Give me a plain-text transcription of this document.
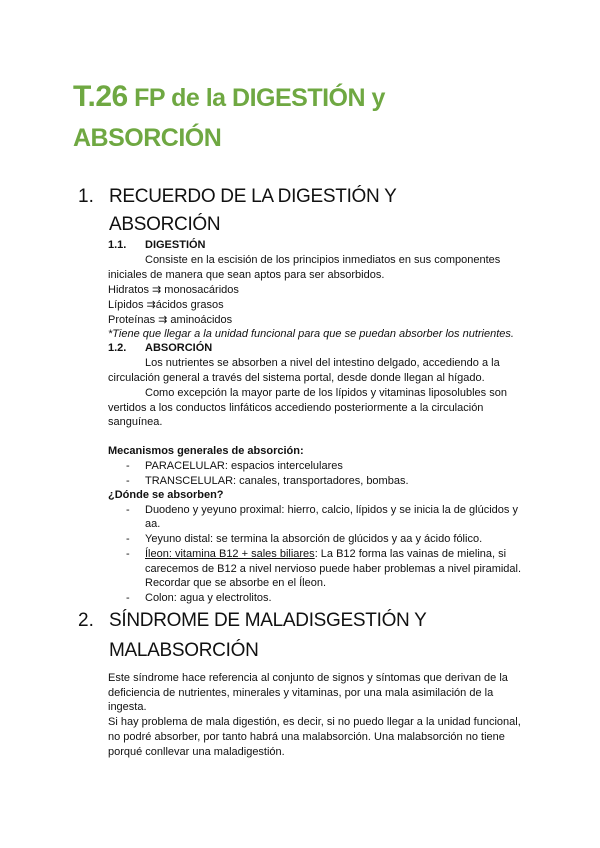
T.26 FP de la DIGESTIÓN y
ABSORCIÓN
1. RECUERDO DE LA DIGESTIÓN Y
ABSORCIÓN
1.1. DIGESTIÓN
Consiste en la escisión de los principios inmediatos en sus componentes
iniciales de manera que sean aptos para ser absorbidos.
Hidratos ⇉ monosacáridos
Lípidos ⇉ácidos grasos
Proteínas ⇉ aminoácidos
*Tiene que llegar a la unidad funcional para que se puedan absorber los nutrientes.
1.2. ABSORCIÓN
Los nutrientes se absorben a nivel del intestino delgado, accediendo a la
circulación general a través del sistema portal, desde donde llegan al hígado.
Como excepción la mayor parte de los lípidos y vitaminas liposolubles son
vertidos a los conductos linfáticos accediendo posteriormente a la circulación
sanguínea.
Mecanismos generales de absorción:
- PARACELULAR: espacios intercelulares
- TRANSCELULAR: canales, transportadores, bombas.
¿Dónde se absorben?
- Duodeno y yeyuno proximal: hierro, calcio, lípidos y se inicia la de glúcidos y
aa.
- Yeyuno distal: se termina la absorción de glúcidos y aa y ácido fólico.
- Íleon: vitamina B12 + sales biliares: La B12 forma las vainas de mielina, si
carecemos de B12 a nivel nervioso puede haber problemas a nivel piramidal.
Recordar que se absorbe en el Íleon.
- Colon: agua y electrolitos.
2. SÍNDROME DE MALADISGESTIÓN Y
MALABSORCIÓN
Este síndrome hace referencia al conjunto de signos y síntomas que derivan de la
deficiencia de nutrientes, minerales y vitaminas, por una mala asimilación de la
ingesta.
Si hay problema de mala digestión, es decir, si no puedo llegar a la unidad funcional,
no podré absorber, por tanto habrá una malabsorción. Una malabsorción no tiene
porqué conllevar una maladigestión.
